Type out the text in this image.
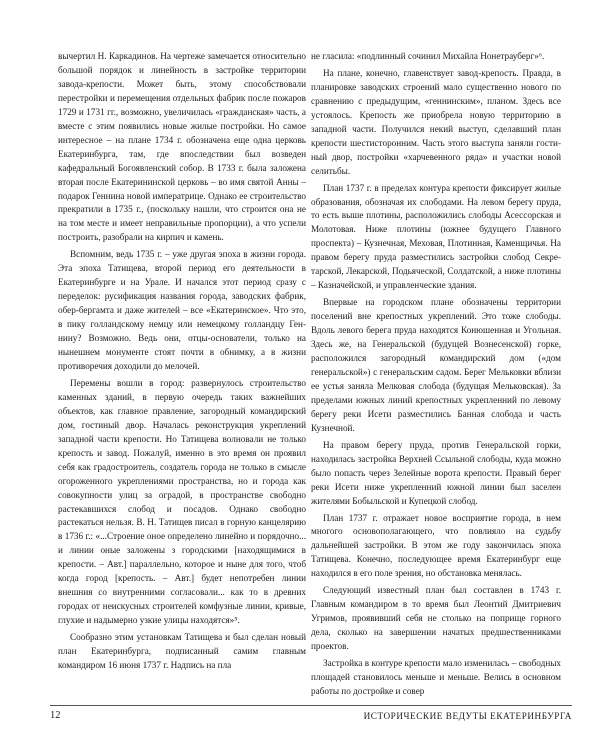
вычертил Н. Каркадинов. На чертеже замечается относительно большой порядок и линейность в застройке территории завода-крепости. Может быть, этому способствовали перестройки и перемещения отдельных фабрик после пожаров 1729 и 1731 гг., возможно, увеличилась «гражданская» часть, а вместе с этим появились новые жилые постройки. Но самое интересное – на плане 1734 г. обозначена еще одна церковь Екатеринбурга, там, где впоследствии был возведен кафедральный Богоявленский собор. В 1733 г. была заложена вторая после Екатерининской церковь – во имя святой Анны – подарок Геннина новой императрице. Однако ее строительство прекратили в 1735 г., (поскольку нашли, что строится она не на том месте и имеет неправильные пропорции), а что успели построить, разобрали на кирпич и камень.

Вспомним, ведь 1735 г. – уже другая эпоха в жизни города. Эта эпоха Татищева, второй период его деятельности в Екатеринбурге и на Урале. И начался этот период сразу с переделок: русификация названия города, заводских фабрик, обер-бергамта и даже жителей – все «Екатеринское». Что это, в пику голландскому немцу или немецкому голландцу Геннину? Возможно. Ведь они, отцы-основатели, только на нынешнем монументе стоят почти в обнимку, а в жизни противоречия доходили до мелочей.

Перемены вошли в город: развернулось строительство каменных зданий, в первую очередь таких важнейших объектов, как главное правление, загородный командирский дом, гостиный двор. Началась реконструкция укреплений западной части крепости. Но Татищева волновали не только крепость и завод. Пожалуй, именно в это время он проявил себя как градостроитель, создатель города не только в смысле огороженного укреплениями пространства, но и города как совокупности улиц за оградой, в пространстве свободно растекавшихся слобод и посадов. Однако свободно растекаться нельзя. В. Н. Татищев писал в горную канцелярию в 1736 г.: «...Строение оное определено линейно и порядочно... и линии оные заложены з городскими [находящимися в крепости. – Авт.] параллельно, которое и ныне для того, чтоб когда город [крепость. – Авт.] будет непотребен линии внешния со внутренними согласовали... как то в древних городах от неискусных строителей комфузные линии, кривые, глухие и надымерно узкие улицы находятся»⁵.

Сообразно этим установкам Татищева и был сделан новый план Екатеринбурга, подписанный самим главным командиром 16 июня 1737 г. Надпись на пла

не гласила: «подлинный сочинил Михайла Нонетрауберг»⁶.

На плане, конечно, главенствует завод-крепость. Правда, в планировке заводских строений мало существенно нового по сравнению с предыдущим, «геннинским», планом. Здесь все устоялось. Крепость же приобрела новую территорию в западной части. Получился некий выступ, сделавший план крепости шестисторонним. Часть этого выступа заняли гостиный двор, постройки «харчевенного ряда» и участки новой селитьбы.

План 1737 г. в пределах контура крепости фиксирует жилые образования, обозначая их слободами. На левом берегу пруда, то есть выше плотины, расположились слободы Асессорская и Молотовая. Ниже плотины (южнее будущего Главного проспекта) – Кузнечная, Меховая, Плотинная, Каменщичья. На правом берегу пруда разместились застройки слобод Секретарской, Лекарской, Подьяческой, Солдатской, а ниже плотины – Казначейской, и управленческие здания.

Впервые на городском плане обозначены территории поселений вне крепостных укреплений. Это тоже слободы. Вдоль левого берега пруда находятся Конюшенная и Угольная. Здесь же, на Генеральской (будущей Вознесенской) горке, расположился загородный командирский дом («дом генеральской») с генеральским садом. Берег Мельковки вблизи ее устья заняла Мелковая слобода (будущая Мельковская). За пределами южных линий крепостных укрепленний по левому берегу реки Исети разместились Банная слобода и часть Кузнечной.

На правом берегу пруда, против Генеральской горки, находилась застройка Верхней Ссыльной слободы, куда можно было попасть через Зелейные ворота крепости. Правый берег реки Исети ниже укрепленний южной линии был заселен жителями Бобыльской и Купецкой слобод.

План 1737 г. отражает новое восприятие города, в нем многого основополагающего, что повлияло на судьбу дальнейшей застройки. В этом же году закончилась эпоха Татищева. Конечно, последующее время Екатеринбург еще находился в его поле зрения, но обстановка менялась.

Следующий известный план был составлен в 1743 г. Главным командиром в то время был Леонтий Дмитриевич Угримов, проявивший себя не столько на поприще горного дела, сколько на завершении начатых предшественниками проектов.

Застройка в контуре крепости мало изменилась – свободных площадей становилось меньше и меньше. Велись в основном работы по достройке и совер

12	ИСТОРИЧЕСКИЕ ВЕДУТЫ ЕКАТЕРИНБУРГА
